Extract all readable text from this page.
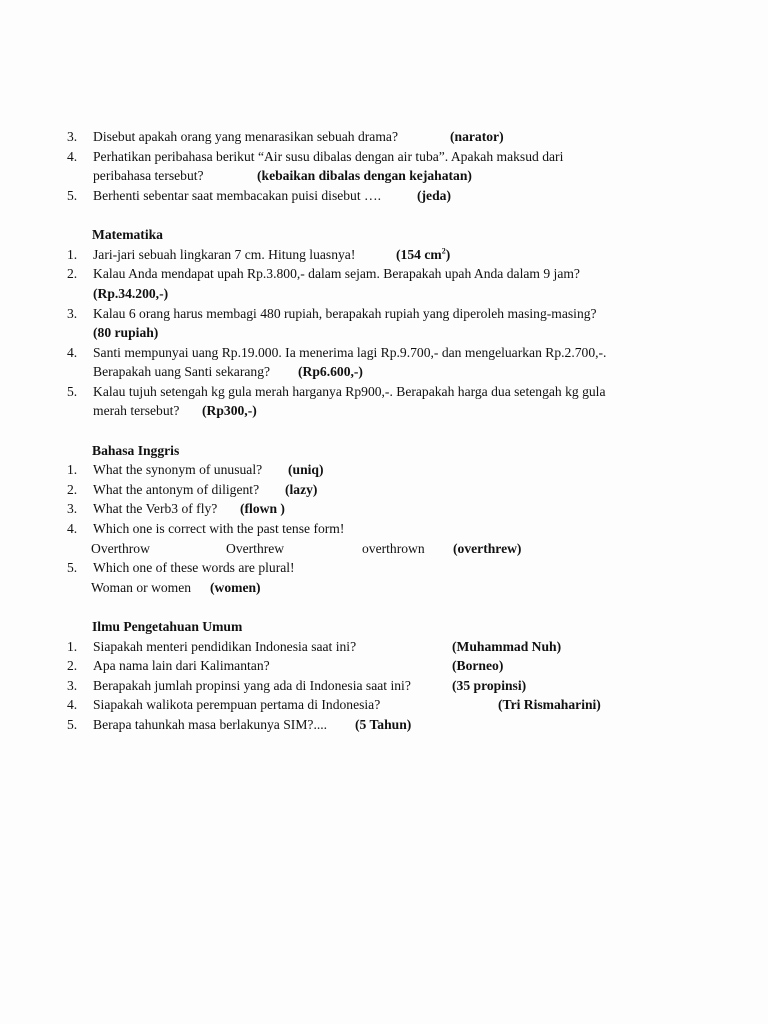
3. Disebut apakah orang yang menarasikan sebuah drama?	(narator)
4. Perhatikan peribahasa berikut “Air susu dibalas dengan air tuba”. Apakah maksud dari
peribahasa tersebut?	(kebaikan dibalas dengan kejahatan)
5. Berhenti sebentar saat membacakan puisi disebut ….	(jeda)
Matematika
1. Jari-jari sebuah lingkaran 7 cm. Hitung luasnya!	(154 $cm^2$)
2. Kalau Anda mendapat upah Rp.3.800,- dalam sejam. Berapakah upah Anda dalam 9 jam?
(Rp.34.200,-)
3. Kalau 6 orang harus membagi 480 rupiah, berapakah rupiah yang diperoleh masing-masing?
(80 rupiah)
4. Santi mempunyai uang Rp.19.000. Ia menerima lagi Rp.9.700,- dan mengeluarkan Rp.2.700,-.
Berapakah uang Santi sekarang? (Rp6.600,-)
5. Kalau tujuh setengah kg gula merah harganya Rp900,-. Berapakah harga dua setengah kg gula
merah tersebut? (Rp300,-)
Bahasa Inggris
1. What the synonym of unusual? (uniq)
2. What the antonym of diligent? (lazy)
3. What the Verb3 of fly? (flown )
4. Which one is correct with the past tense form!
Overthrow	Overthrew	overthrown (overthrew)
5. Which one of these words are plural!
Woman or women (women)
Ilmu Pengetahuan Umum
1. Siapakah menteri pendidikan Indonesia saat ini?	(Muhammad Nuh)
2. Apa nama lain dari Kalimantan?	(Borneo)
3. Berapakah jumlah propinsi yang ada di Indonesia saat ini?	(35 propinsi)
4. Siapakah walikota perempuan pertama di Indonesia?	(Tri Rismaharini)
5. Berapa tahunkah masa berlakunya SIM?.... (5 Tahun)
